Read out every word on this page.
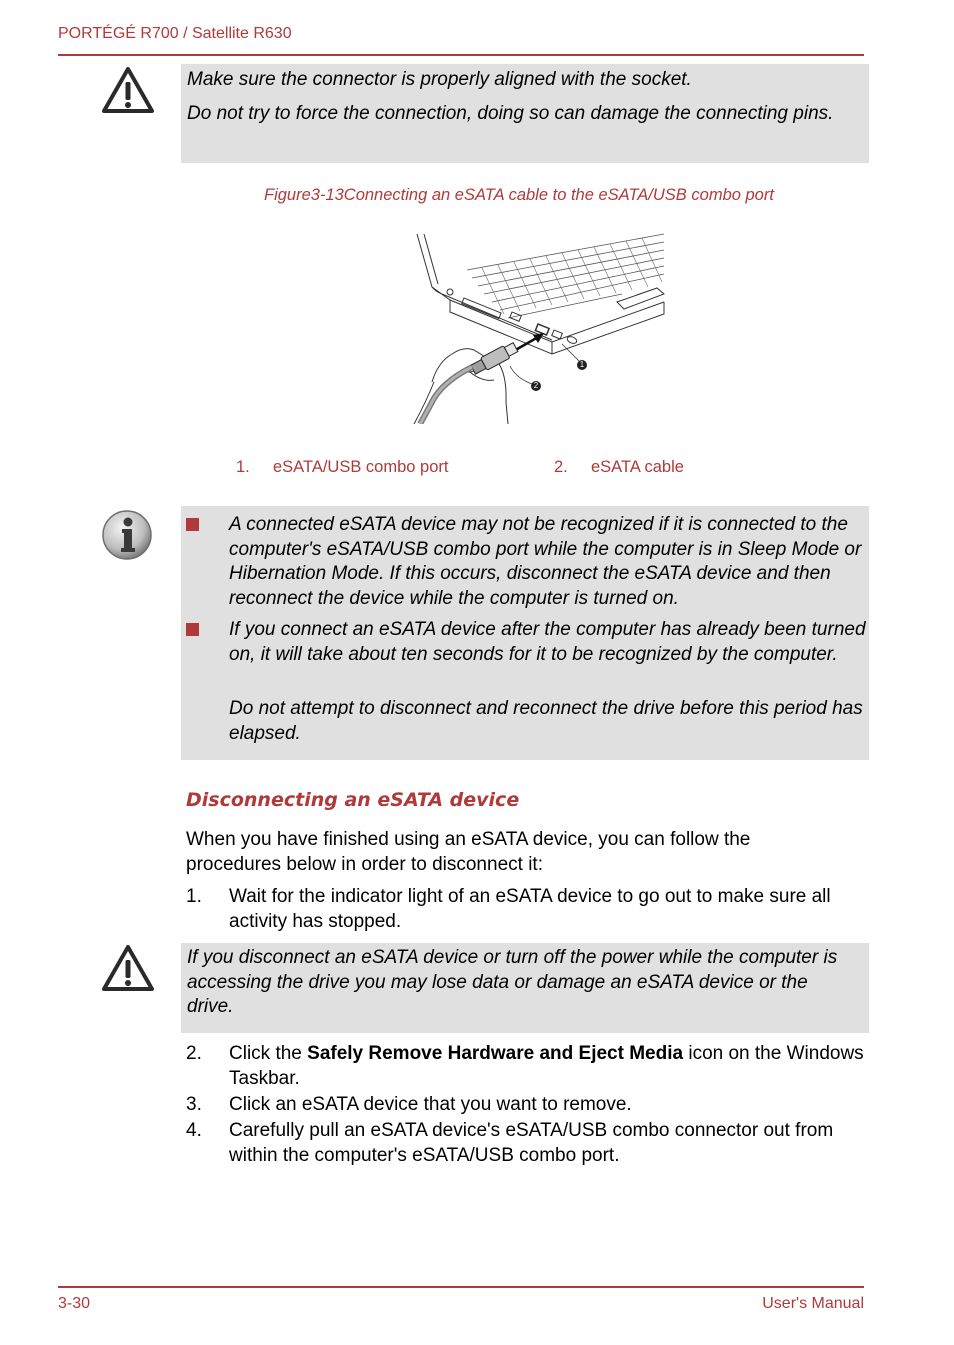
PORTÉGÉ R700 / Satellite R630

Make sure the connector is properly aligned with the socket.

Do not try to force the connection, doing so can damage the connecting pins.

Figure3-13Connecting an eSATA cable to the eSATA/USB combo port
1
2
1. eSATA/USB combo port	2. eSATA cable

A connected eSATA device may not be recognized if it is connected to the computer's eSATA/USB combo port while the computer is in Sleep Mode or Hibernation Mode. If this occurs, disconnect the eSATA device and then reconnect the device while the computer is turned on.

If you connect an eSATA device after the computer has already been turned on, it will take about ten seconds for it to be recognized by the computer.

Do not attempt to disconnect and reconnect the drive before this period has elapsed.

Disconnecting an eSATA device

When you have finished using an eSATA device, you can follow the procedures below in order to disconnect it:

1. Wait for the indicator light of an eSATA device to go out to make sure all activity has stopped.

If you disconnect an eSATA device or turn off the power while the computer is accessing the drive you may lose data or damage an eSATA device or the drive.

2. Click the Safely Remove Hardware and Eject Media icon on the Windows Taskbar.
3. Click an eSATA device that you want to remove.
4. Carefully pull an eSATA device's eSATA/USB combo connector out from within the computer's eSATA/USB combo port.
3-30	User's Manual
